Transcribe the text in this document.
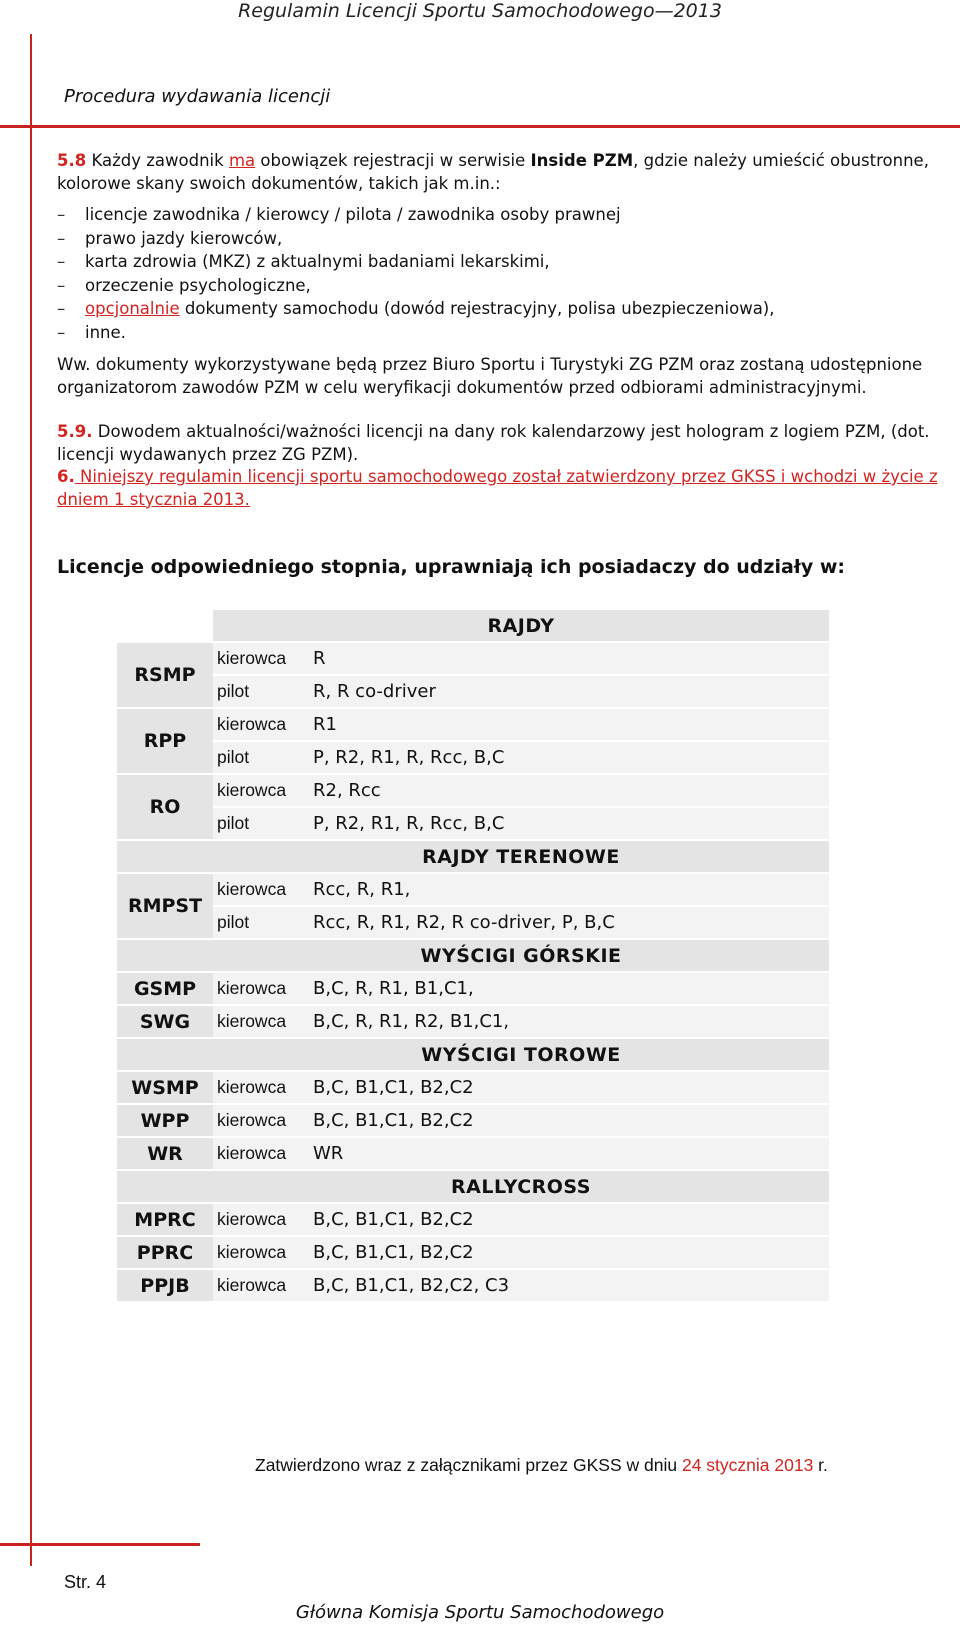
Regulamin Licencji Sportu Samochodowego—2013
Procedura wydawania licencji
5.8 Każdy zawodnik ma obowiązek rejestracji w serwisie Inside PZM, gdzie należy umieścić obustronne, kolorowe skany swoich dokumentów, takich jak m.in.:
– licencje zawodnika / kierowcy / pilota / zawodnika osoby prawnej
– prawo jazdy kierowców,
– karta zdrowia (MKZ) z aktualnymi badaniami lekarskimi,
– orzeczenie psychologiczne,
– opcjonalnie dokumenty samochodu (dowód rejestracyjny, polisa ubezpieczeniowa),
– inne.
Ww. dokumenty wykorzystywane będą przez Biuro Sportu i Turystyki ZG PZM oraz zostaną udostępnione organizatorom zawodów PZM w celu weryfikacji dokumentów przed odbiorami administracyjnymi.
5.9. Dowodem aktualności/ważności licencji na dany rok kalendarzowy jest hologram z logiem PZM, (dot. licencji wydawanych przez ZG PZM).
6. Niniejszy regulamin licencji sportu samochodowego został zatwierdzony przez GKSS i wchodzi w życie z dniem 1 stycznia 2013.
Licencje odpowiedniego stopnia, uprawniają ich posiadaczy do udziały w:
	RAJDY	
RSMP	kierowca	R
	pilot	R, R co-driver
RPP	kierowca	R1
	pilot	P, R2, R1, R, Rcc, B,C
RO	kierowca	R2, Rcc
	pilot	P, R2, R1, R, Rcc, B,C
	RAJDY TERENOWE	
RMPST	kierowca	Rcc, R, R1,
	pilot	Rcc, R, R1, R2, R co-driver, P, B,C
	WYŚCIGI GÓRSKIE	
GSMP	kierowca	B,C, R, R1, B1,C1,
SWG	kierowca	B,C, R, R1, R2, B1,C1,
	WYŚCIGI TOROWE	
WSMP	kierowca	B,C, B1,C1, B2,C2
WPP	kierowca	B,C, B1,C1, B2,C2
WR	kierowca	WR
	RALLYCROSS	
MPRC	kierowca	B,C, B1,C1, B2,C2
PPRC	kierowca	B,C, B1,C1, B2,C2
PPJB	kierowca	B,C, B1,C1, B2,C2, C3
Zatwierdzono wraz z załącznikami przez GKSS w dniu 24 stycznia 2013 r.
Str. 4
Główna Komisja Sportu Samochodowego
